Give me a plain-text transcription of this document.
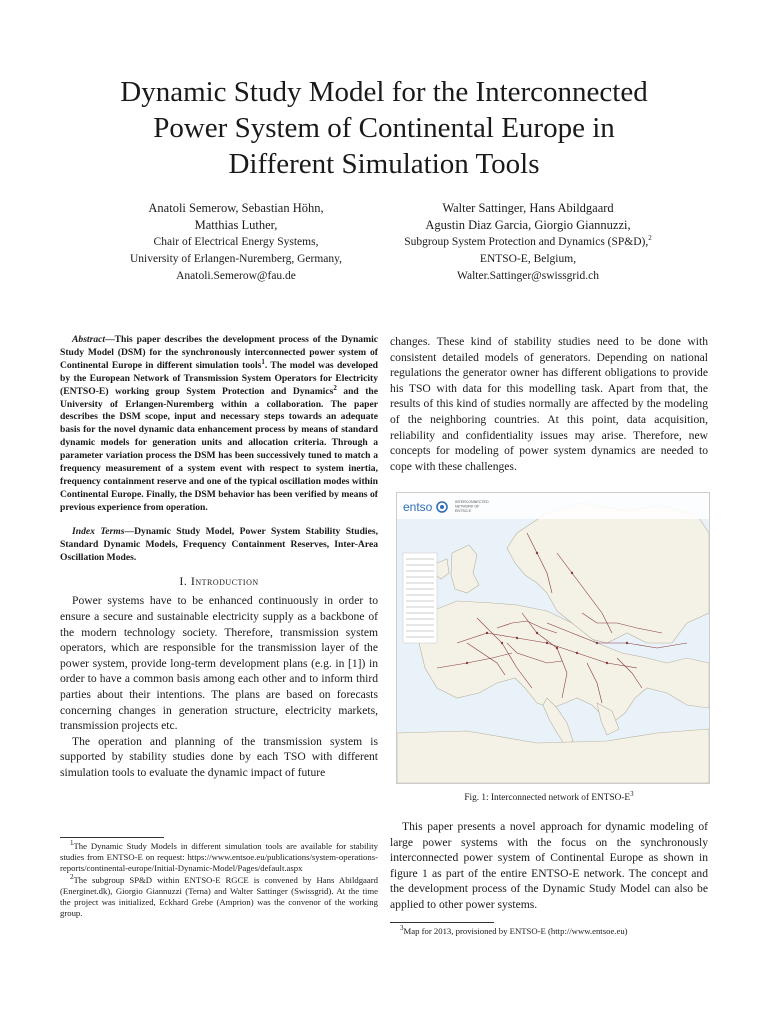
Dynamic Study Model for the Interconnected
Power System of Continental Europe in
Different Simulation Tools
Anatoli Semerow, Sebastian Höhn,
Matthias Luther,
Chair of Electrical Energy Systems,
University of Erlangen-Nuremberg, Germany,
Anatoli.Semerow@fau.de
Walter Sattinger, Hans Abildgaard
Agustin Diaz Garcia, Giorgio Giannuzzi,
Subgroup System Protection and Dynamics (SP&D),$^2$
ENTSO-E, Belgium,
Walter.Sattinger@swissgrid.ch

Abstract—This paper describes the development process of the Dynamic Study Model (DSM) for the synchronously interconnected power system of Continental Europe in different simulation tools$^1$. The model was developed by the European Network of Transmission System Operators for Electricity (ENTSO-E) working group System Protection and Dynamics$^2$ and the University of Erlangen-Nuremberg within a collaboration. The paper describes the DSM scope, input and necessary steps towards an adequate basis for the novel dynamic data enhancement process by means of standard dynamic models for generation units and allocation criteria. Through a parameter variation process the DSM has been successively tuned to match a frequency measurement of a system event with respect to system inertia, frequency containment reserve and one of the typical oscillation modes within Continental Europe. Finally, the DSM behavior has been verified by means of previous experience from operation.

Index Terms—Dynamic Study Model, Power System Stability Studies, Standard Dynamic Models, Frequency Containment Reserves, Inter-Area Oscillation Modes.

I. Introduction

Power systems have to be enhanced continuously in order to ensure a secure and sustainable electricity supply as a backbone of the modern technology society. Therefore, transmission system operators, which are responsible for the transmission layer of the power system, provide long-term development plans (e.g. in [1]) in order to have a common basis among each other and to inform third parties about their intentions. The plans are based on forecasts concerning changes in generation structure, electricity markets, transmission projects etc.

The operation and planning of the transmission system is supported by stability studies done by each TSO with different simulation tools to evaluate the dynamic impact of future

$^1$The Dynamic Study Models in different simulation tools are available for stability studies from ENTSO-E on request: https://www.entsoe.eu/publications/system-operations-reports/continental-europe/Initial-Dynamic-Model/Pages/default.aspx

$^2$The subgroup SP&D within ENTSO-E RGCE is convened by Hans Abildgaard (Energinet.dk), Giorgio Giannuzzi (Terna) and Walter Sattinger (Swissgrid). At the time the project was initialized, Eckhard Grebe (Amprion) was the convenor of the working group.

changes. These kind of stability studies need to be done with consistent detailed models of generators. Depending on national regulations the generator owner has different obligations to provide his TSO with data for this modelling task. Apart from that, the results of this kind of studies normally are affected by the modeling of the neighboring countries. At this point, data acquisition, reliability and confidentiality issues may arise. Therefore, new concepts for modeling of power system dynamics are needed to cope with these challenges.

entso	INTERCONNECTED
NETWORK OF
ENTSO-E
Fig. 1: Interconnected network of ENTSO-$E^3$

This paper presents a novel approach for dynamic modeling of large power systems with the focus on the synchronously interconnected power system of Continental Europe as shown in figure 1 as part of the entire ENTSO-E network. The concept and the development process of the Dynamic Study Model can also be applied to other power systems.

$^3$Map for 2013, provisioned by ENTSO-E (http://www.entsoe.eu)
